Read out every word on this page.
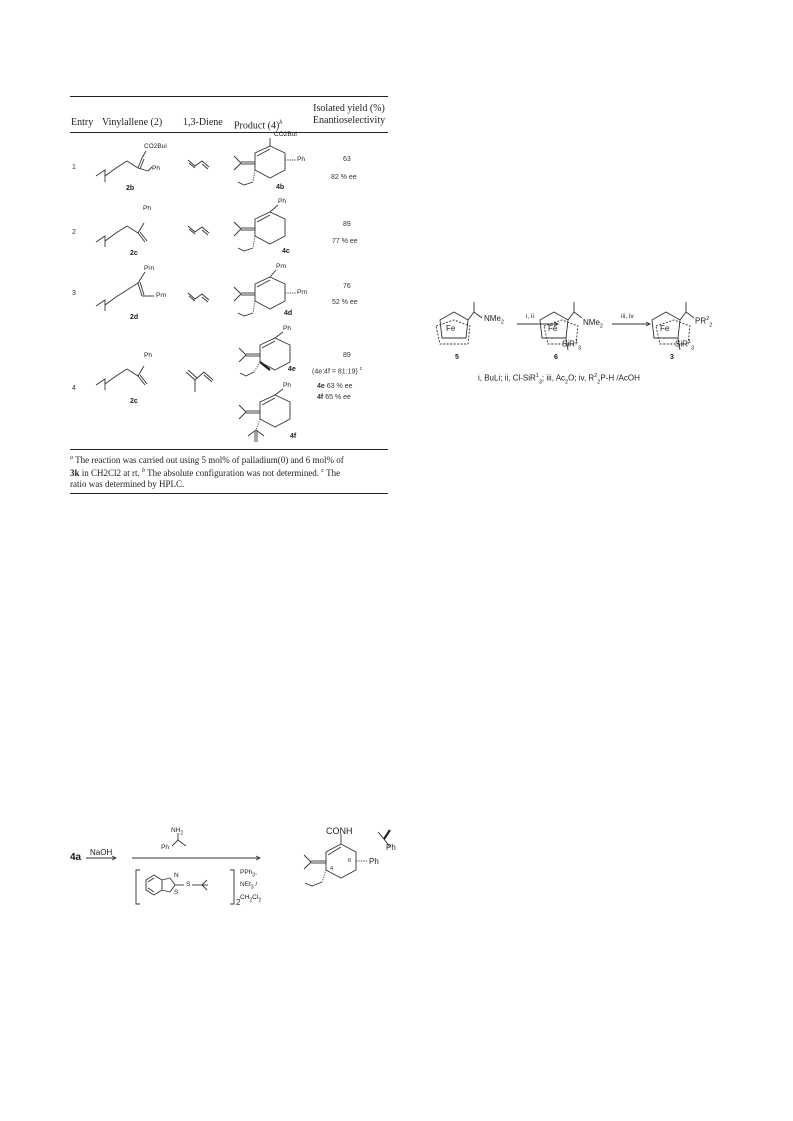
Entry Vinylallene (2) 1,3-Diene Product $(4)^b$
Isolated yield (%)
Enantioselectivity
1
2
3
4
CO2Bui
Ph
2b
CO2Bui
Ph
4b
63
82 % ee
Ph
2c
Ph
4c
89
77 % ee
Prn
Prn
2d
Prn
Prn
4d
76
52 % ee
Ph
2c
Ph
4e
Ph
4f
89
(4e:4f = 81:19) $^c$
4e 63 % ee
4f 65 % ee
$^a$ The reaction was carried out using 5 mol% of palladium(0) and 6 mol% of
3k in CH2Cl2 at rt. $^b$ The absolute configuration was not determined. $^c$ The
ratio was determined by HPLC.
Fe
NMe$_2$
5
i, ii
Fe
NMe$_2$
SiR$^1_3$
6
iii, iv
Fe
$PR^2_2$
SiR$^1_3$
3
i, BuLi; ii, Cl-SiR$^1_3$; iii, $Ac_2O$; iv, $R^2_2P-H$ /AcOH
4a NaOH
$NH_2$
Ph
N
S
S
2
PPh$_3$,
NEt$_3$ /
$CH_2Cl_2$
CONH
Ph
Ph
6
4
